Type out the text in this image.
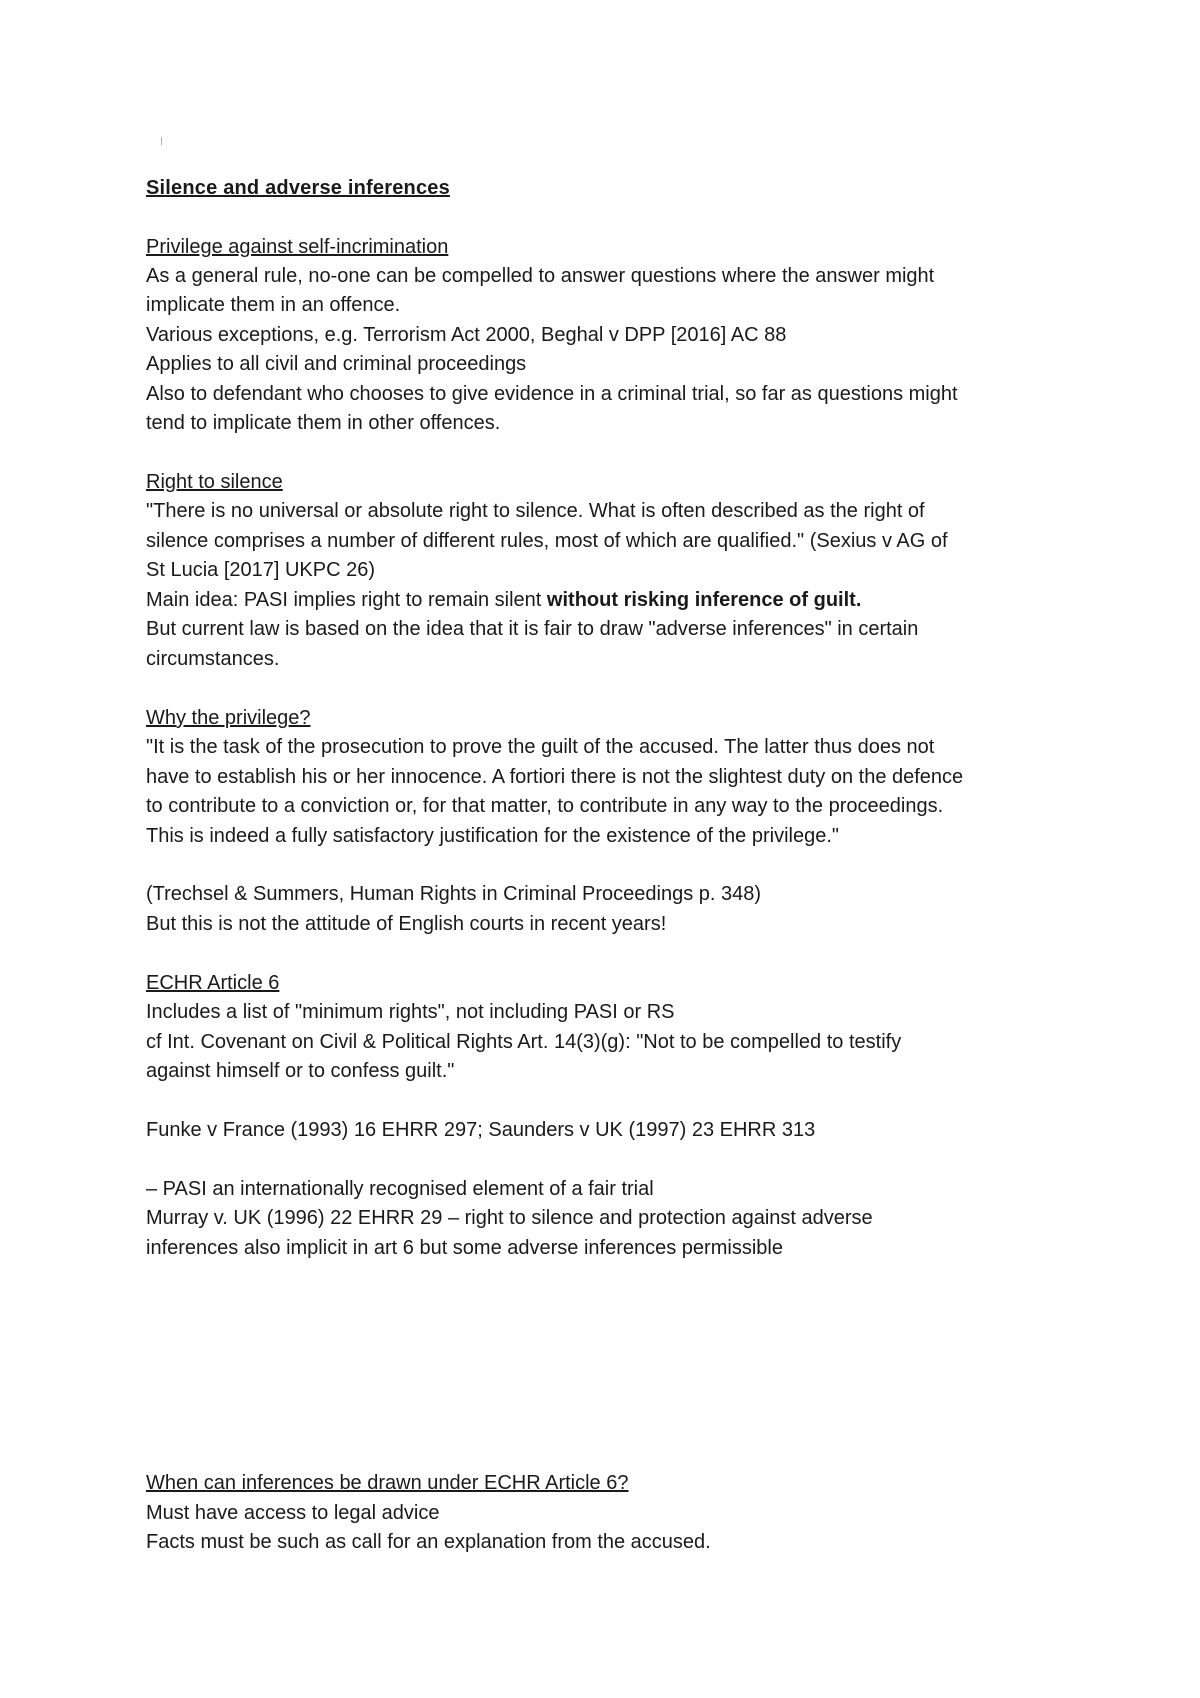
Silence and adverse inferences
Privilege against self-incrimination
As a general rule, no-one can be compelled to answer questions where the answer might
implicate them in an offence.
Various exceptions, e.g. Terrorism Act 2000, Beghal v DPP [2016] AC 88
Applies to all civil and criminal proceedings
Also to defendant who chooses to give evidence in a criminal trial, so far as questions might
tend to implicate them in other offences.
Right to silence
"There is no universal or absolute right to silence. What is often described as the right of
silence comprises a number of different rules, most of which are qualified." (Sexius v AG of
St Lucia [2017] UKPC 26)
Main idea: PASI implies right to remain silent without risking inference of guilt.
But current law is based on the idea that it is fair to draw "adverse inferences" in certain
circumstances.
Why the privilege?
"It is the task of the prosecution to prove the guilt of the accused. The latter thus does not
have to establish his or her innocence. A fortiori there is not the slightest duty on the defence
to contribute to a conviction or, for that matter, to contribute in any way to the proceedings.
This is indeed a fully satisfactory justification for the existence of the privilege."
(Trechsel & Summers, Human Rights in Criminal Proceedings p. 348)
But this is not the attitude of English courts in recent years!
ECHR Article 6
Includes a list of "minimum rights", not including PASI or RS
cf Int. Covenant on Civil & Political Rights Art. 14(3)(g): "Not to be compelled to testify
against himself or to confess guilt."
Funke v France (1993) 16 EHRR 297; Saunders v UK (1997) 23 EHRR 313
– PASI an internationally recognised element of a fair trial
Murray v. UK (1996) 22 EHRR 29 – right to silence and protection against adverse
inferences also implicit in art 6 but some adverse inferences permissible
When can inferences be drawn under ECHR Article 6?
Must have access to legal advice
Facts must be such as call for an explanation from the accused.
